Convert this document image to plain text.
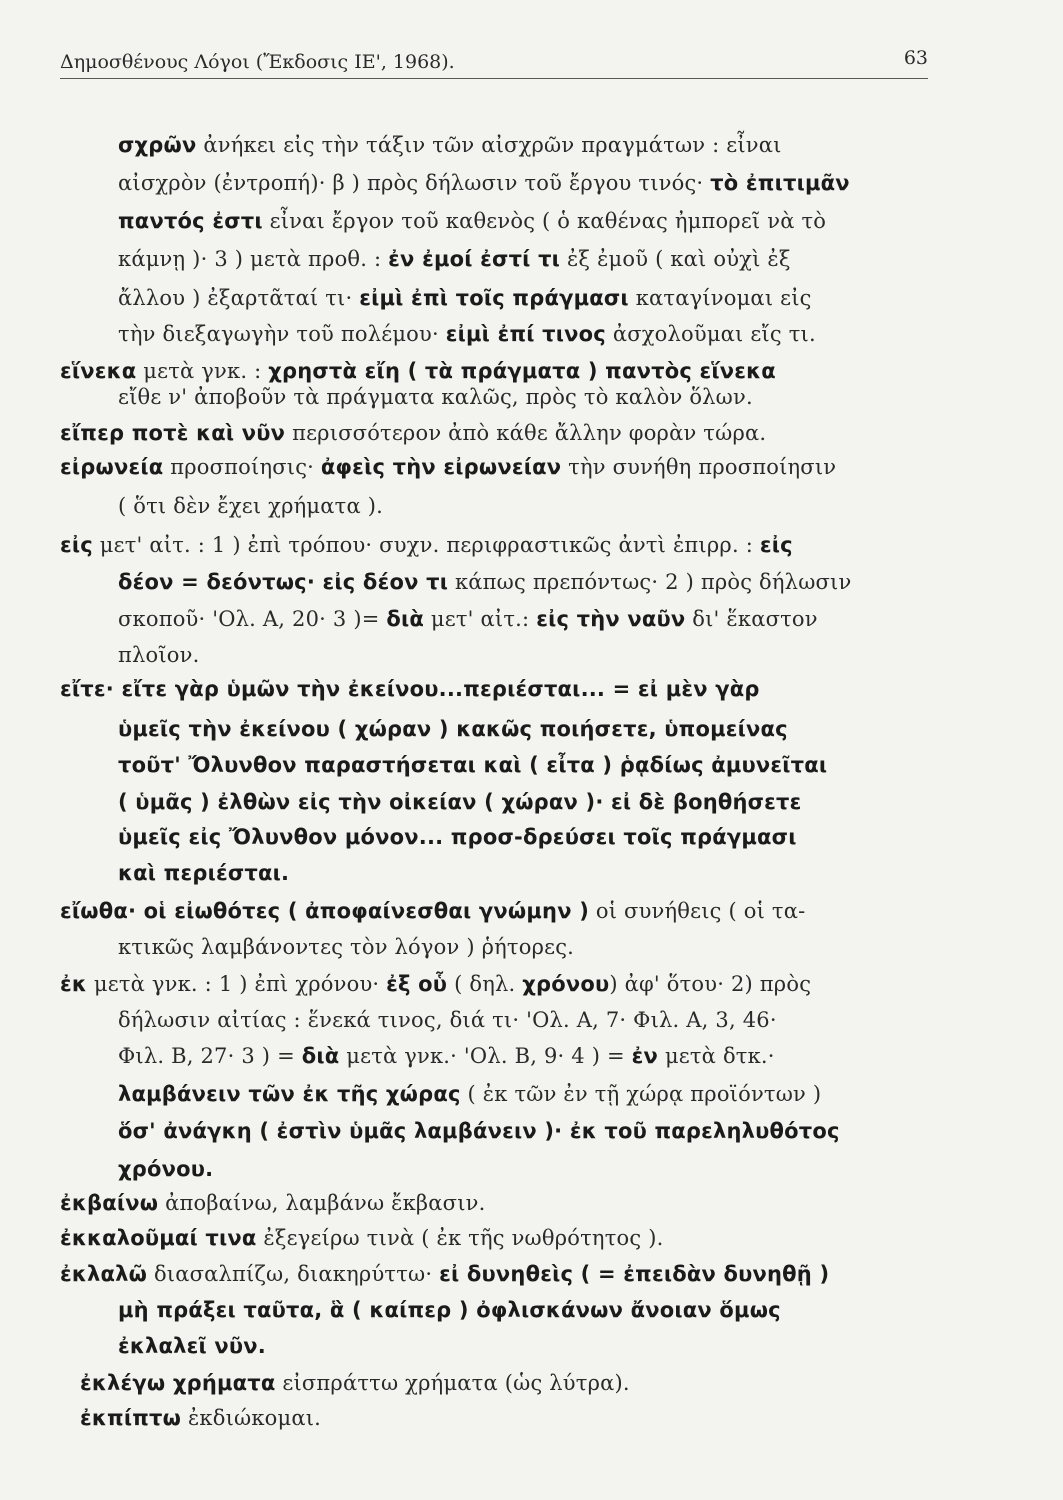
Δημοσθένους Λόγοι (Ἔκδοσις ΙΕ', 1968).	63
σχρῶν ἀνήκει εἰς τὴν τάξιν τῶν αἰσχρῶν πραγμάτων : εἶναι
αἰσχρὸν (ἐντροπή)· β ) πρὸς δήλωσιν τοῦ ἔργου τινός· τὸ ἐπιτιμᾶν
παντός ἐστι εἶναι ἔργον τοῦ καθενὸς ( ὁ καθένας ἠμπορεῖ νὰ τὸ
κάμνῃ )· 3 ) μετὰ προθ. : ἐν ἐμοί ἐστί τι ἐξ ἐμοῦ ( καὶ οὐχὶ ἐξ
ἄλλου ) ἐξαρτᾶταί τι· εἰμὶ ἐπὶ τοῖς πράγμασι καταγίνομαι εἰς
τὴν διεξαγωγὴν τοῦ πολέμου· εἰμὶ ἐπί τινος ἀσχολοῦμαι εἴς τι.
εἵνεκα μετὰ γνκ. : χρηστὰ εἴη ( τὰ πράγματα ) παντὸς εἵνεκα
εἴθε ν' ἀποβοῦν τὰ πράγματα καλῶς, πρὸς τὸ καλὸν ὅλων.
εἴπερ ποτὲ καὶ νῦν περισσότερον ἀπὸ κάθε ἄλλην φορὰν τώρα.
εἰρωνεία προσποίησις· ἀφεὶς τὴν εἰρωνείαν τὴν συνήθη προσποίησιν
( ὅτι δὲν ἔχει χρήματα ).
εἰς μετ' αἰτ. : 1 ) ἐπὶ τρόπου· συχν. περιφραστικῶς ἀντὶ ἐπιρρ. : εἰς
δέον = δεόντως· εἰς δέον τι κάπως πρεπόντως· 2 ) πρὸς δήλωσιν
σκοποῦ· 'Ολ. Α, 20· 3 )= διὰ μετ' αἰτ.: εἰς τὴν ναῦν δι' ἕκαστον
πλοῖον.
εἴτε· εἴτε γὰρ ὑμῶν τὴν ἐκείνου...περιέσται... = εἰ μὲν γὰρ
ὑμεῖς τὴν ἐκείνου ( χώραν ) κακῶς ποιήσετε, ὑπομείνας
τοῦτ' Ὄλυνθον παραστήσεται καὶ ( εἶτα ) ῥᾳδίως ἀμυνεῖται
( ὑμᾶς ) ἐλθὼν εἰς τὴν οἰκείαν ( χώραν )· εἰ δὲ βοηθήσετε
ὑμεῖς εἰς Ὄλυνθον μόνον... προσ-δρεύσει τοῖς πράγμασι
καὶ περιέσται.
εἴωθα· οἱ εἰωθότες ( ἀποφαίνεσθαι γνώμην ) οἱ συνήθεις ( οἱ τα-
κτικῶς λαμβάνοντες τὸν λόγον ) ῥήτορες.
ἐκ μετὰ γνκ. : 1 ) ἐπὶ χρόνου· ἐξ οὗ ( δηλ. χρόνου) ἀφ' ὅτου· 2) πρὸς
δήλωσιν αἰτίας : ἕνεκά τινος, διά τι· 'Ολ. Α, 7· Φιλ. Α, 3, 46·
Φιλ. Β, 27· 3 ) = διὰ μετὰ γνκ.· 'Ολ. Β, 9· 4 ) = ἐν μετὰ δτκ.·
λαμβάνειν τῶν ἐκ τῆς χώρας ( ἐκ τῶν ἐν τῇ χώρᾳ προϊόντων )
ὅσ' ἀνάγκη ( ἐστὶν ὑμᾶς λαμβάνειν )· ἐκ τοῦ παρεληλυθότος
χρόνου.
ἐκβαίνω ἀποβαίνω, λαμβάνω ἔκβασιν.
ἐκκαλοῦμαί τινα ἐξεγείρω τινὰ ( ἐκ τῆς νωθρότητος ).
ἐκλαλῶ διασαλπίζω, διακηρύττω· εἰ δυνηθεὶς ( = ἐπειδὰν δυνηθῇ )
μὴ πράξει ταῦτα, ἃ ( καίπερ ) ὀφλισκάνων ἄνοιαν ὅμως
ἐκλαλεῖ νῦν.
ἐκλέγω χρήματα εἰσπράττω χρήματα (ὡς λύτρα).
ἐκπίπτω ἐκδιώκομαι.
